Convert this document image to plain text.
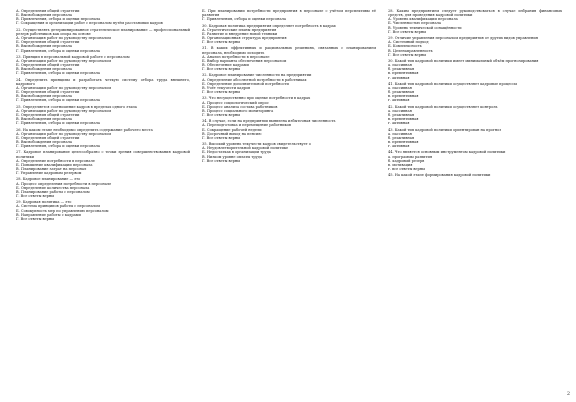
А. Определения общей стратегии

Б. Высвобождения персонала

В. Привлечения, отбора и оценки персонала

Г. Сокращения и организации работ с персоналом путём расстановки кадров

22. Осуществлять детерминированное стратегическое планирование — профессиональный резерв работников как опора на основе

А. Организация работ по руководству персоналом

Б. Определения общей стратегии

В. Высвобождения персонала

Г. Привлечения, отбора и оценки персонала

23. Принцип в персональной кадровой работе с персоналом

А. Организации работ по руководству персоналом

Б. Определения общей стратегии

В. Высвобождения персонала

Г. Привлечения, отбора и оценки персонала

24. Определить принципы и разработать четкую систему отбора труда внешнего, кадрового

А. Организации работ по руководству персоналом

Б. Определения общей стратегии

В. Высвобождения персонала

Г. Привлечения, отбора и оценки персонала

25. Определяется соотношение кадров в пределах одного этапа

А. Организации работ по руководству персоналом

Б. Определения общей стратегии

В. Высвобождения персонала

Г. Привлечения, отбора и оценки персонала

26. На каком этапе необходимо определить содержание рабочего места

А. Организации работ по руководству персоналом

Б. Определения общей стратегии

В. Высвобождения персонала

Г. Привлечения, отбора и оценки персонала

27. Кадровое планирование целесообразно с точки зрения совершенствования кадровой политики

А. Определение потребности в персонале

Б. Повышение квалификации персонала

В. Планирование затрат на персонал

Г. Управление кадровым резервом

28. Кадровое планирование — это

А. Процесс определения потребности в персонале

Б. Определение количества персонала

В. Планирование работы с персоналом

Г. Все ответы верны

29. Кадровая политика — это

А. Система принципов работы с персоналом

Б. Совокупность мер по управлению персоналом

В. Направление работы с кадрами

Г. Все ответы верны

Б. При планировании потребности предприятия в персонале с учётом перспективы её развития

Г. Привлечения, отбора и оценки персонала

30. Кадровая политика предприятия определяет потребность в кадрах

А. Стратегические планы предприятия

Б. Развитие и внедрение новой техники

В. Организационная структура предприятия

Г. Все ответы верны

31. В каких эффективных и рациональных решениях, связанных с планированием персонала, необходимо исходить

А. Анализ потребности в персонале

Б. Выбор варианта обеспечения персоналом

В. Обеспечение кадрами

Г. Все ответы верны

32. Кадровое планирование численности на предприятии

А. Определение абсолютной потребности в работниках

Б. Определение дополнительной потребности

В. Учёт текучести кадров

Г. Все ответы верны

33. Что несущественно при оценке потребности в кадрах

А. Процесс социологический опрос

Б. Процесс анализа состава работников

В. Процесс социального мониторинга

Г. Все ответы верны

34. В случае, если на предприятии выявлена избыточная численность

А. Переподготовка и перемещение работников

Б. Сокращение рабочей недели

В. Досрочный выход на пенсию

Г. Все ответы верны

35. Высокий уровень текучести кадров свидетельствует о

А. Неудовлетворительной кадровой политике

Б. Недостатках в организации труда

В. Низком уровне оплаты труда

Г. Все ответы верны

28. Каким предприятием следует руководствоваться в случае избрания финансовых средств, для проведения кадровой политики

А. Уровень квалификации персонала

Б. Численностью персонала

В. Уровень технической оснащённости

Г. Все ответы верны

29. Отличие управления персоналом предприятия от других видов управления

А. Системный подход

Б. Комплексность

В. Целенаправленность

Г. Все ответы верны

30. Какой тип кадровой политики имеет минимальный объём прогнозирования

а. пассивная

б. реактивная

в. превентивная

г. активная

41. Какой тип кадровой политики осуществляет кадровые процессы

а. пассивная

б. реактивная

в. превентивная

г. активная

42. Какой тип кадровой политики осуществляет контроль

а. пассивная

б. реактивная

в. превентивная

г. активная

43. Какой тип кадровой политики ориентирован на прогноз

а. пассивная

б. реактивная

в. превентивная

г. активная

44. Что является основным инструментом кадровой политики

а. программы развития

б. кадровый резерв

в. мотивация

г. все ответы верны

45. На какой этапе формирования кадровой политики

2
